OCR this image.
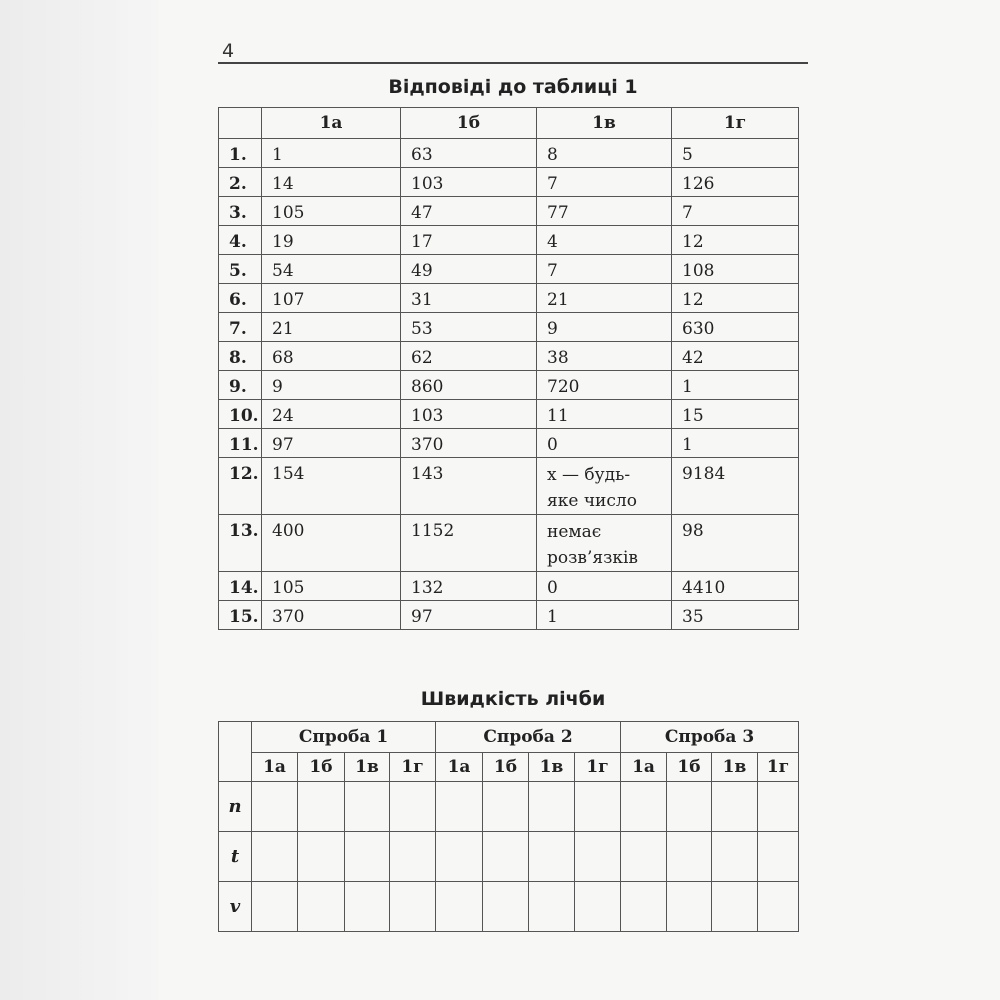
4
Відповіді до таблиці 1
	1а	1б	1в	1г
1.	1	63	8	5
2.	14	103	7	126
3.	105	47	77	7
4.	19	17	4	12
5.	54	49	7	108
6.	107	31	21	12
7.	21	53	9	630
8.	68	62	38	42
9.	9	860	720	1
10.	24	103	11	15
11.	97	370	0	1
12.	154	143	x — будь-
яке число	9184
13.	400	1152	немає
розв’язків	98
14.	105	132	0	4410
15.	370	97	1	35
Швидкість лічби
	Спроба 1				Спроба 2				Спроба 3			
	1а	1б	1в	1г	1а	1б	1в	1г	1а	1б	1в	1г
n												
t												
v												
